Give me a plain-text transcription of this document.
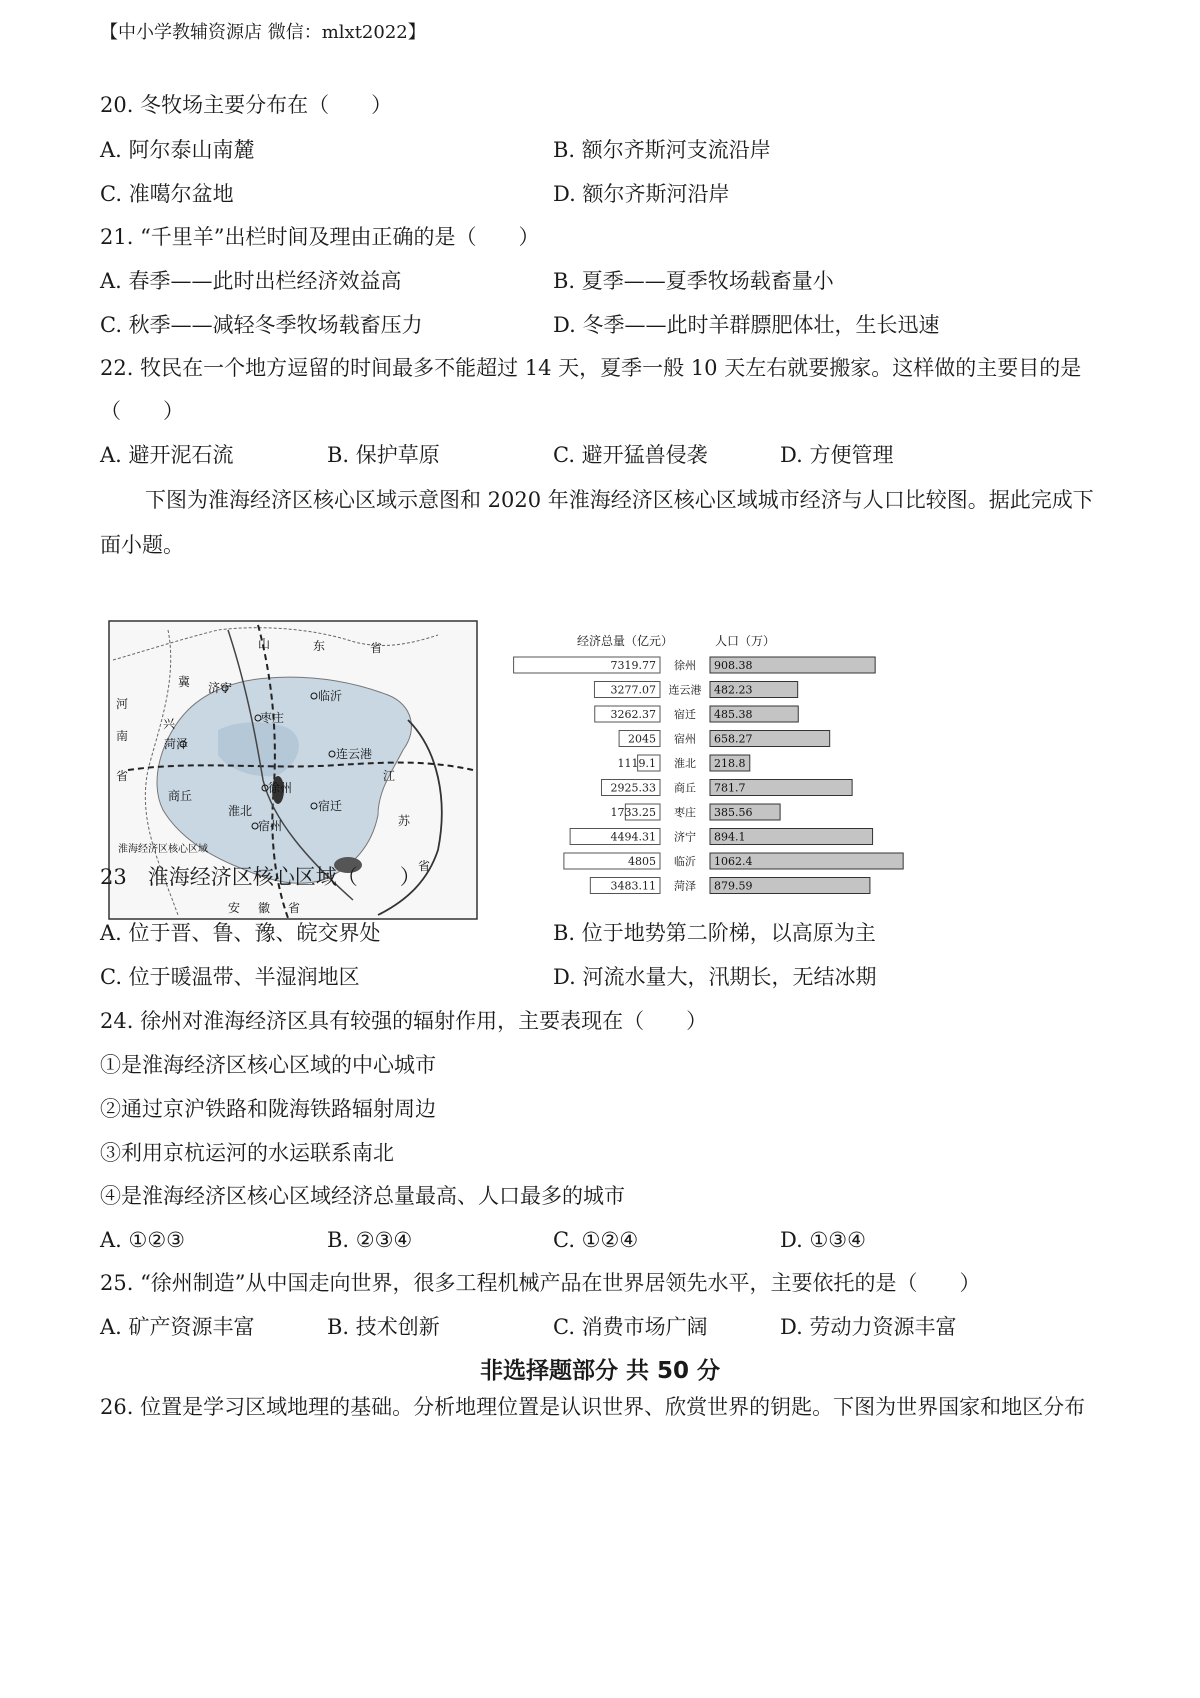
【中小学教辅资源店 微信：mlxt2022】
20. 冬牧场主要分布在（　　）
A. 阿尔泰山南麓	B. 额尔齐斯河支流沿岸
C. 准噶尔盆地	D. 额尔齐斯河沿岸
21. “千里羊”出栏时间及理由正确的是（　　）
A. 春季——此时出栏经济效益高	B. 夏季——夏季牧场载畜量小
C. 秋季——减轻冬季牧场载畜压力	D. 冬季——此时羊群膘肥体壮，生长迅速
22. 牧民在一个地方逗留的时间最多不能超过 14 天，夏季一般 10 天左右就要搬家。这样做的主要目的是
（　　）
A. 避开泥石流	B. 保护草原	C. 避开猛兽侵袭	D. 方便管理
下图为淮海经济区核心区域示意图和 2020 年淮海经济区核心区域城市经济与人口比较图。据此完成下
面小题。
山	东	省
河
南
省	江
苏
省
安 徽 省
兴
冀
菏泽
济宁
临沂
枣庄
连云港
徐州
商丘
宿迁
宿州
淮北
淮海经济区核心区域
经济总量（亿元）	人口（万）
7319.77 徐州 908.38
3277.07 连云港 482.23
3262.37 宿迁 485.38
2045 宿州 658.27
1119.1 淮北 218.8
2925.33 商丘 781.7
1733.25 枣庄 385.56
4494.31 济宁 894.1
4805 临沂 1062.4
3483.11 菏泽 879.59
23　淮海经济区核心区域（　　）
A. 位于晋、鲁、豫、皖交界处	B. 位于地势第二阶梯，以高原为主
C. 位于暖温带、半湿润地区	D. 河流水量大，汛期长，无结冰期
24. 徐州对淮海经济区具有较强的辐射作用，主要表现在（　　）
①是淮海经济区核心区域的中心城市
②通过京沪铁路和陇海铁路辐射周边
③利用京杭运河的水运联系南北
④是淮海经济区核心区域经济总量最高、人口最多的城市
A. ①②③	B. ②③④	C. ①②④	D. ①③④
25. “徐州制造”从中国走向世界，很多工程机械产品在世界居领先水平，主要依托的是（　　）
A. 矿产资源丰富	B. 技术创新	C. 消费市场广阔	D. 劳动力资源丰富
非选择题部分 共 50 分
26. 位置是学习区域地理的基础。分析地理位置是认识世界、欣赏世界的钥匙。下图为世界国家和地区分布
